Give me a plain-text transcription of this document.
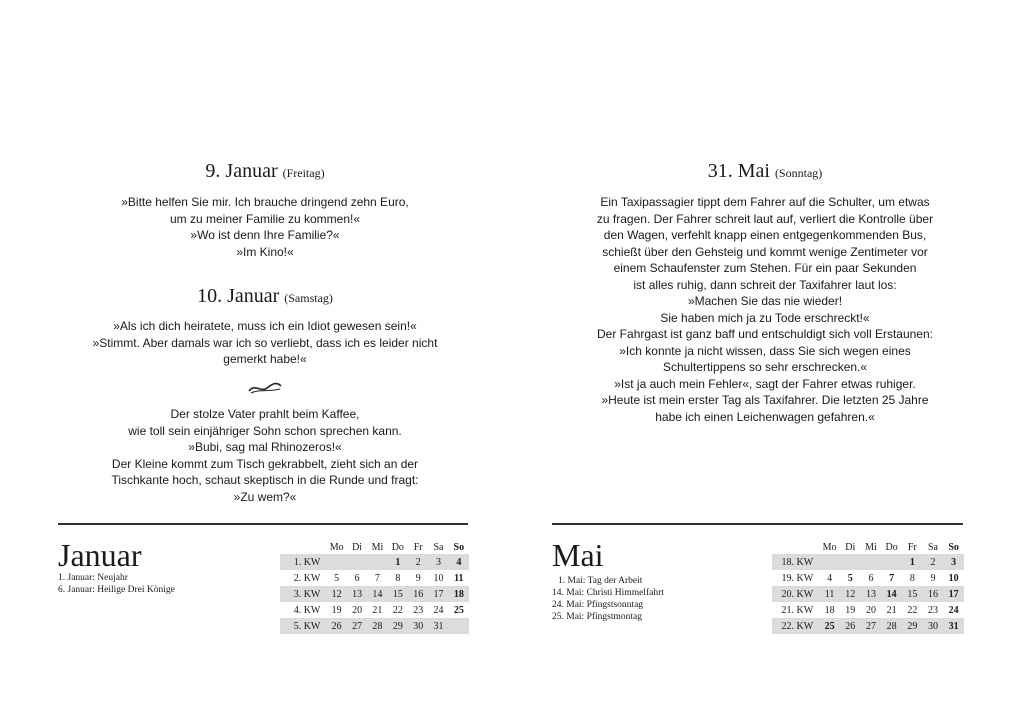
9. Januar (Freitag)
»Bitte helfen Sie mir. Ich brauche dringend zehn Euro,
um zu meiner Familie zu kommen!«
»Wo ist denn Ihre Familie?«
»Im Kino!«
10. Januar (Samstag)
»Als ich dich heiratete, muss ich ein Idiot gewesen sein!«
»Stimmt. Aber damals war ich so verliebt, dass ich es leider nicht
gemerkt habe!«
Der stolze Vater prahlt beim Kaffee,
wie toll sein einjähriger Sohn schon sprechen kann.
»Bubi, sag mal Rhinozeros!«
Der Kleine kommt zum Tisch gekrabbelt, zieht sich an der
Tischkante hoch, schaut skeptisch in die Runde und fragt:
»Zu wem?«
Januar
1. Januar: Neujahr
6. Januar: Heilige Drei Könige
	Mo	Di	Mi	Do	Fr	Sa	So
1. KW				1	2	3	4
2. KW	5	6	7	8	9	10	11
3. KW	12	13	14	15	16	17	18
4. KW	19	20	21	22	23	24	25
5. KW	26	27	28	29	30	31	
31. Mai (Sonntag)
Ein Taxipassagier tippt dem Fahrer auf die Schulter, um etwas
zu fragen. Der Fahrer schreit laut auf, verliert die Kontrolle über
den Wagen, verfehlt knapp einen entgegenkommenden Bus,
schießt über den Gehsteig und kommt wenige Zentimeter vor
einem Schaufenster zum Stehen. Für ein paar Sekunden
ist alles ruhig, dann schreit der Taxifahrer laut los:
»Machen Sie das nie wieder!
Sie haben mich ja zu Tode erschreckt!«
Der Fahrgast ist ganz baff und entschuldigt sich voll Erstaunen:
»Ich konnte ja nicht wissen, dass Sie sich wegen eines
Schultertippens so sehr erschrecken.«
»Ist ja auch mein Fehler«, sagt der Fahrer etwas ruhiger.
»Heute ist mein erster Tag als Taxifahrer. Die letzten 25 Jahre
habe ich einen Leichenwagen gefahren.«
Mai
1. Mai: Tag der Arbeit
14. Mai: Christi Himmelfahrt
24. Mai: Pfingstsonntag
25. Mai: Pfingstmontag
	Mo	Di	Mi	Do	Fr	Sa	So
18. KW					1	2	3
19. KW	4	5	6	7	8	9	10
20. KW	11	12	13	14	15	16	17
21. KW	18	19	20	21	22	23	24
22. KW	25	26	27	28	29	30	31
